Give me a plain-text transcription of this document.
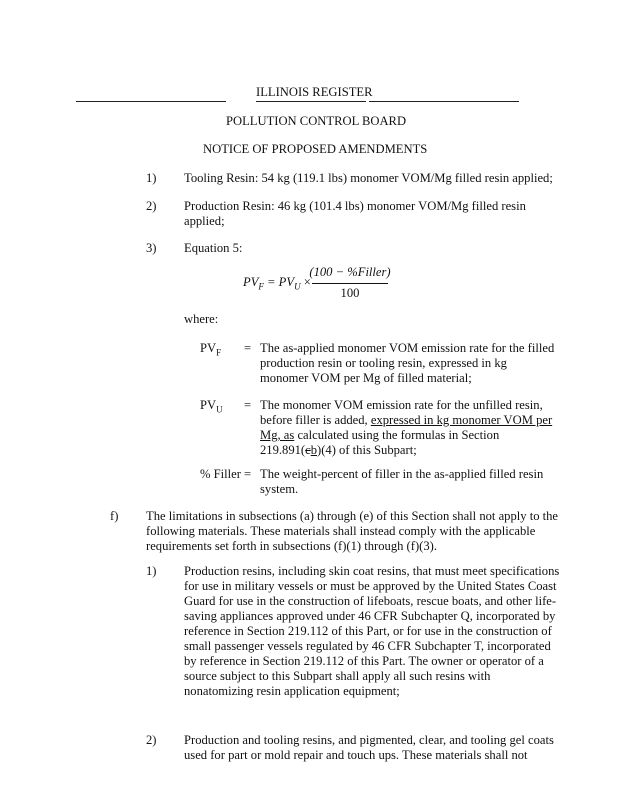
ILLINOIS REGISTER
POLLUTION CONTROL BOARD
NOTICE OF PROPOSED AMENDMENTS
1) Tooling Resin: 54 kg (119.1 lbs) monomer VOM/Mg filled resin applied;
2) Production Resin: 46 kg (101.4 lbs) monomer VOM/Mg filled resin
applied;
3) Equation 5:
$PV_F = PV_U$ ×
(100 − %Filler)
100
where:
$PV_F$ = The as-applied monomer VOM emission rate for the filled
production resin or tooling resin, expressed in kg
monomer VOM per Mg of filled material;
$PV_U$ = The monomer VOM emission rate for the unfilled resin,
before filler is added, expressed in kg monomer VOM per
Mg, as calculated using the formulas in Section
219.891(cb)(4) of this Subpart;
% Filler = The weight-percent of filler in the as-applied filled resin
system.
f) The limitations in subsections (a) through (e) of this Section shall not apply to the
following materials. These materials shall instead comply with the applicable
requirements set forth in subsections (f)(1) through (f)(3).
1) Production resins, including skin coat resins, that must meet specifications
for use in military vessels or must be approved by the United States Coast
Guard for use in the construction of lifeboats, rescue boats, and other life-
saving appliances approved under 46 CFR Subchapter Q, incorporated by
reference in Section 219.112 of this Part, or for use in the construction of
small passenger vessels regulated by 46 CFR Subchapter T, incorporated
by reference in Section 219.112 of this Part. The owner or operator of a
source subject to this Subpart shall apply all such resins with
nonatomizing resin application equipment;
2) Production and tooling resins, and pigmented, clear, and tooling gel coats
used for part or mold repair and touch ups. These materials shall not
